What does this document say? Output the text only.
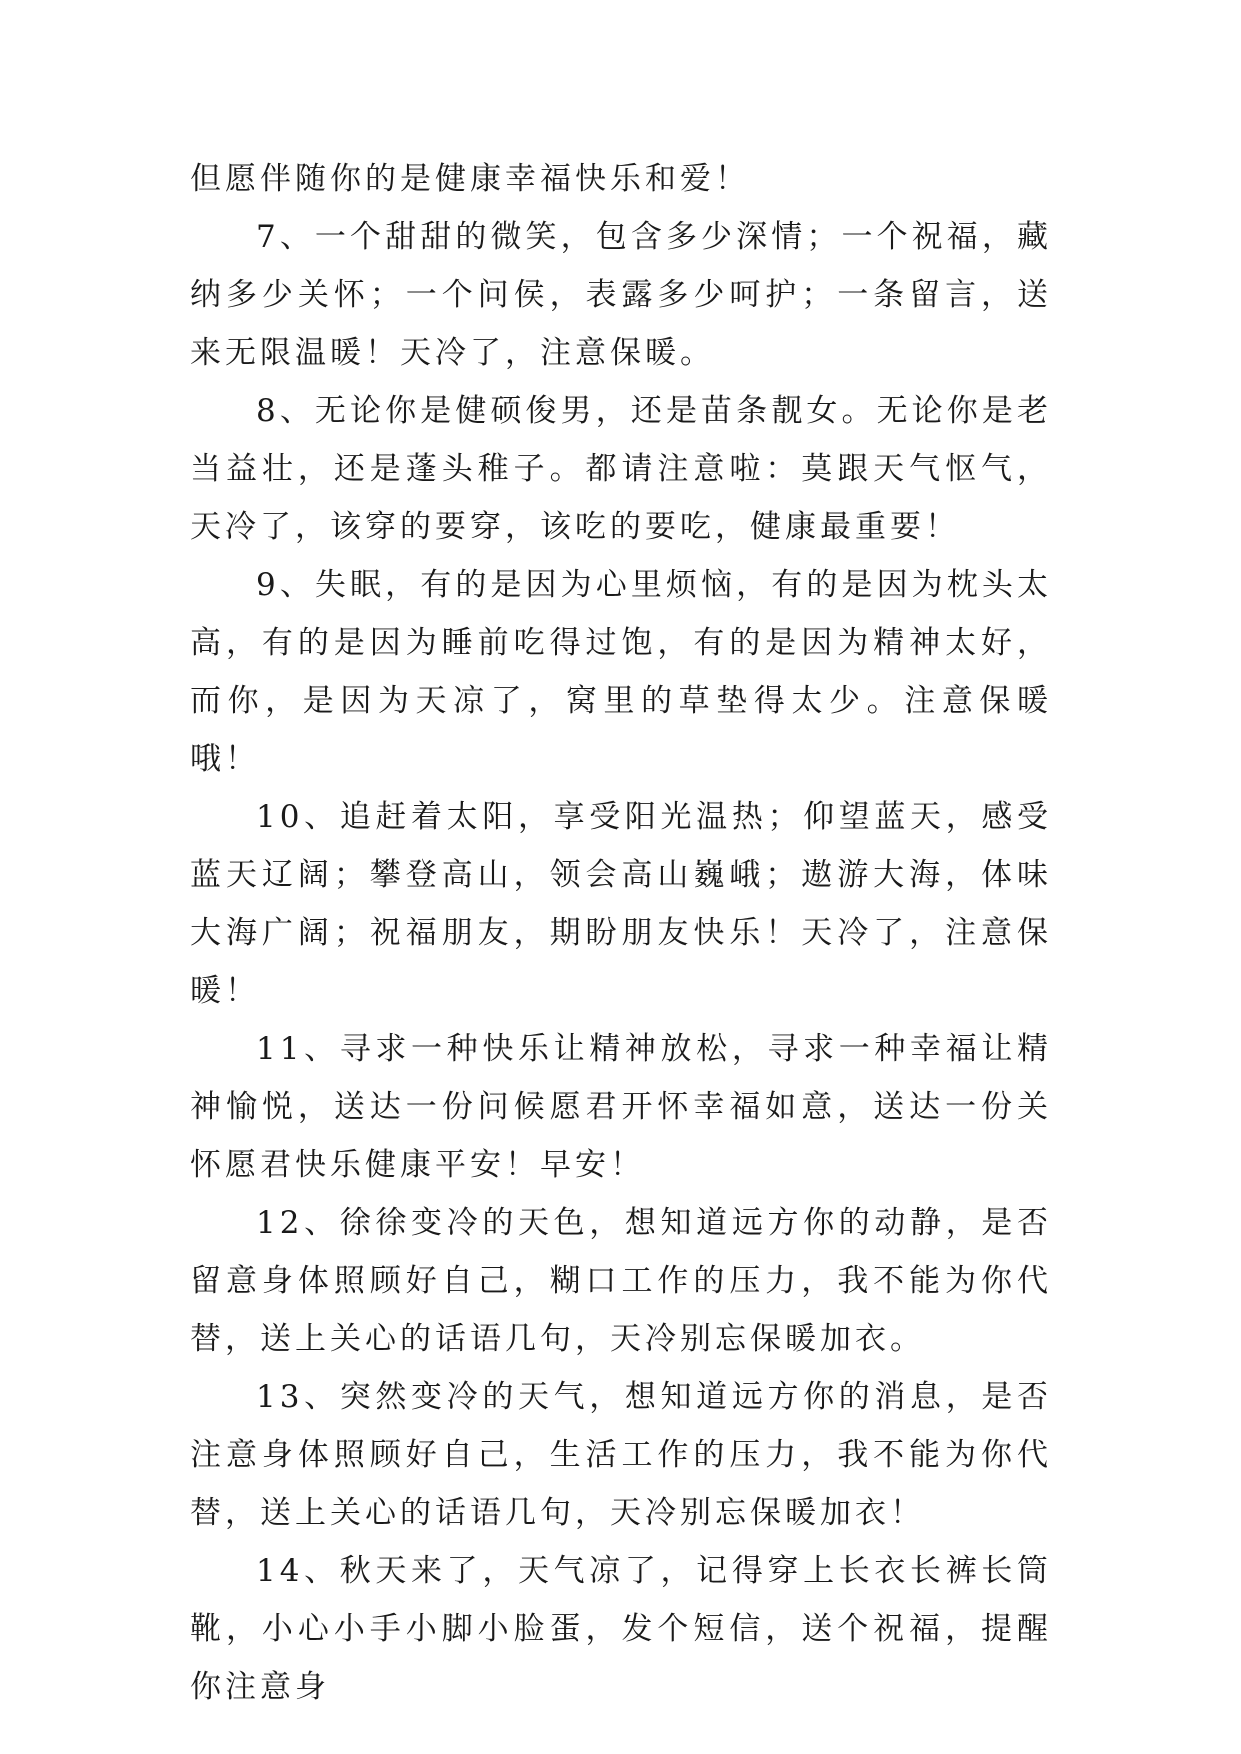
但愿伴随你的是健康幸福快乐和爱！

7、一个甜甜的微笑，包含多少深情；一个祝福，藏纳多少关怀；一个问侯，表露多少呵护；一条留言，送来无限温暖！天冷了，注意保暖。

8、无论你是健硕俊男，还是苗条靓女。无论你是老当益壮，还是蓬头稚子。都请注意啦：莫跟天气怄气，天冷了，该穿的要穿，该吃的要吃，健康最重要！

9、失眠，有的是因为心里烦恼，有的是因为枕头太高，有的是因为睡前吃得过饱，有的是因为精神太好，而你，是因为天凉了，窝里的草垫得太少。注意保暖哦！

10、追赶着太阳，享受阳光温热；仰望蓝天，感受蓝天辽阔；攀登高山，领会高山巍峨；遨游大海，体味大海广阔；祝福朋友，期盼朋友快乐！天冷了，注意保暖！

11、寻求一种快乐让精神放松，寻求一种幸福让精神愉悦，送达一份问候愿君开怀幸福如意，送达一份关怀愿君快乐健康平安！早安！

12、徐徐变冷的天色，想知道远方你的动静，是否留意身体照顾好自己，糊口工作的压力，我不能为你代替，送上关心的话语几句，天冷别忘保暖加衣。

13、突然变冷的天气，想知道远方你的消息，是否注意身体照顾好自己，生活工作的压力，我不能为你代替，送上关心的话语几句，天冷别忘保暖加衣！

14、秋天来了，天气凉了，记得穿上长衣长裤长筒靴，小心小手小脚小脸蛋，发个短信，送个祝福，提醒你注意身
